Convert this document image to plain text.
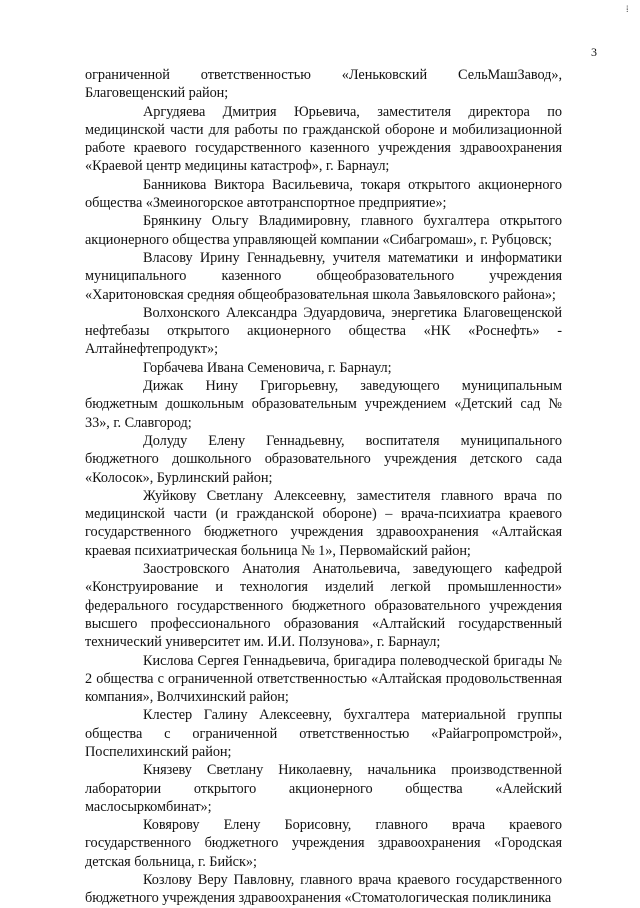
⁞
3

ограниченной ответственностью «Леньковский СельМашЗавод», Благовещенский район;

Аргудяева Дмитрия Юрьевича, заместителя директора по медицинской части для работы по гражданской обороне и мобилизационной работе краевого государственного казенного учреждения здравоохранения «Краевой центр медицины катастроф», г. Барнаул;

Банникова Виктора Васильевича, токаря открытого акционерного общества «Змеиногорское автотранспортное предприятие»;

Брянкину Ольгу Владимировну, главного бухгалтера открытого акционерного общества управляющей компании «Сибагромаш», г. Рубцовск;

Власову Ирину Геннадьевну, учителя математики и информатики муниципального казенного общеобразовательного учреждения «Харитоновская средняя общеобразовательная школа Завьяловского района»;

Волхонского Александра Эдуардовича, энергетика Благовещенской нефтебазы открытого акционерного общества «НК «Роснефть» - Алтайнефтепродукт»;

Горбачева Ивана Семеновича, г. Барнаул;

Дижак Нину Григорьевну, заведующего муниципальным бюджетным дошкольным образовательным учреждением «Детский сад № 33», г. Славгород;

Долуду Елену Геннадьевну, воспитателя муниципального бюджетного дошкольного образовательного учреждения детского сада «Колосок», Бурлинский район;

Жуйкову Светлану Алексеевну, заместителя главного врача по медицинской части (и гражданской обороне) – врача-психиатра краевого государственного бюджетного учреждения здравоохранения «Алтайская краевая психиатрическая больница № 1», Первомайский район;

Заостровского Анатолия Анатольевича, заведующего кафедрой «Конструирование и технология изделий легкой промышленности» федерального государственного бюджетного образовательного учреждения высшего профессионального образования «Алтайский государственный технический университет им. И.И. Ползунова», г. Барнаул;

Кислова Сергея Геннадьевича, бригадира полеводческой бригады № 2 общества с ограниченной ответственностью «Алтайская продовольственная компания», Волчихинский район;

Клестер Галину Алексеевну, бухгалтера материальной группы общества с ограниченной ответственностью «Райагропромстрой», Поспелихинский район;

Князеву Светлану Николаевну, начальника производственной лаборатории открытого акционерного общества «Алейский маслосыркомбинат»;

Ковярову Елену Борисовну, главного врача краевого государственного бюджетного учреждения здравоохранения «Городская детская больница, г. Бийск»;

Козлову Веру Павловну, главного врача краевого государственного бюджетного учреждения здравоохранения «Стоматологическая поликлиника
